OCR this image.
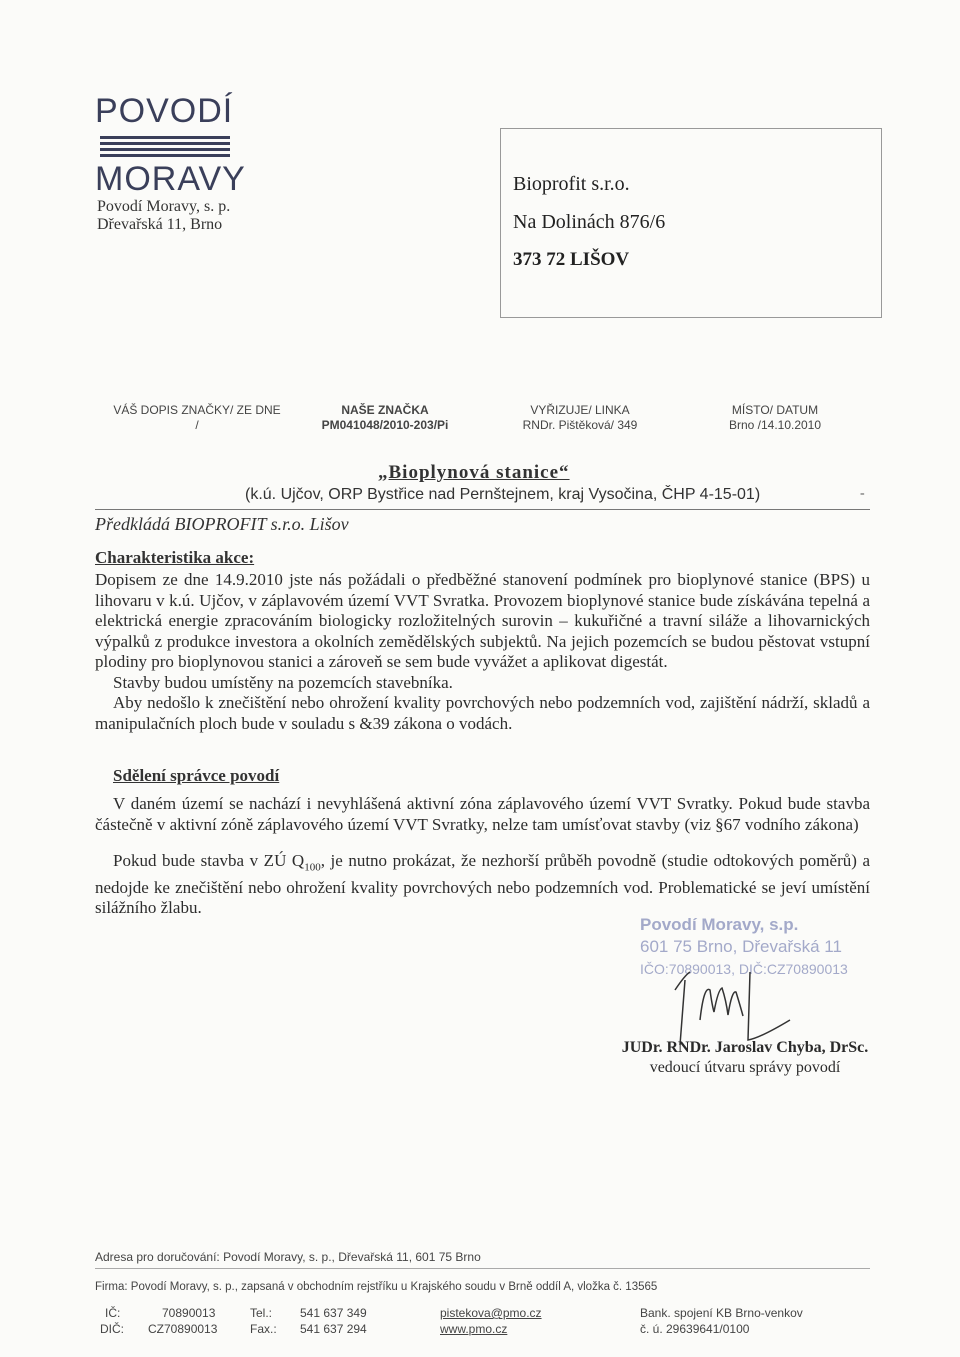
POVODÍ
MORAVY
Povodí Moravy, s. p.
Dřevařská 11, Brno
Bioprofit s.r.o.
Na Dolinách 876/6
373 72 LIŠOV
VÁŠ DOPIS ZNAČKY/ ZE DNE
/
NAŠE ZNAČKA
PM041048/2010-203/Pi
VYŘIZUJE/ LINKA
RNDr. Pištěková/ 349
MÍSTO/ DATUM
Brno /14.10.2010
„Bioplynová stanice“
(k.ú. Ujčov, ORP Bystřice nad Pernštejnem, kraj Vysočina, ČHP 4-15-01)	-
Předkládá BIOPROFIT s.r.o. Lišov
Charakteristika akce:

Dopisem ze dne 14.9.2010 jste nás požádali o předběžné stanovení podmínek pro bioplynové stanice (BPS) u lihovaru v k.ú. Ujčov, v záplavovém území VVT Svratka. Provozem bioplynové stanice bude získávána tepelná a elektrická energie zpracováním biologicky rozložitelných surovin – kukuřičné a travní siláže a lihovarnických výpalků z produkce investora a okolních zemědělských subjektů. Na jejich pozemcích se budou pěstovat vstupní plodiny pro bioplynovou stanici a zároveň se sem bude vyvážet a aplikovat digestát.

Stavby budou umístěny na pozemcích stavebníka.

Aby nedošlo k znečištění nebo ohrožení kvality povrchových nebo podzemních vod, zajištění nádrží, skladů a manipulačních ploch bude v souladu s &39 zákona o vodách.

Sdělení správce povodí

V daném území se nachází i nevyhlášená aktivní zóna záplavového území VVT Svratky. Pokud bude stavba částečně v aktivní zóně záplavového území VVT Svratky, nelze tam umísťovat stavby (viz §67 vodního zákona)

Pokud bude stavba v ZÚ $Q_{100}$, je nutno prokázat, že nezhorší průběh povodně (studie odtokových poměrů) a nedojde ke znečištění nebo ohrožení kvality povrchových nebo podzemních vod. Problematické se jeví umístění silážního žlabu.

Povodí Moravy, s.p.
601 75 Brno, Dřevařská 11
IČO:70890013, DIČ:CZ70890013
JUDr. RNDr. Jaroslav Chyba, DrSc.
vedoucí útvaru správy povodí
Adresa pro doručování: Povodí Moravy, s. p., Dřevařská 11, 601 75 Brno
Firma: Povodí Moravy, s. p., zapsaná v obchodním rejstříku u Krajského soudu v Brně oddíl A, vložka č. 13565
IČ:	70890013
DIČ: CZ70890013
Tel.: 541 637 349
Fax.: 541 637 294
pistekova@pmo.cz
www.pmo.cz
Bank. spojení KB Brno-venkov
č. ú. 29639641/0100
